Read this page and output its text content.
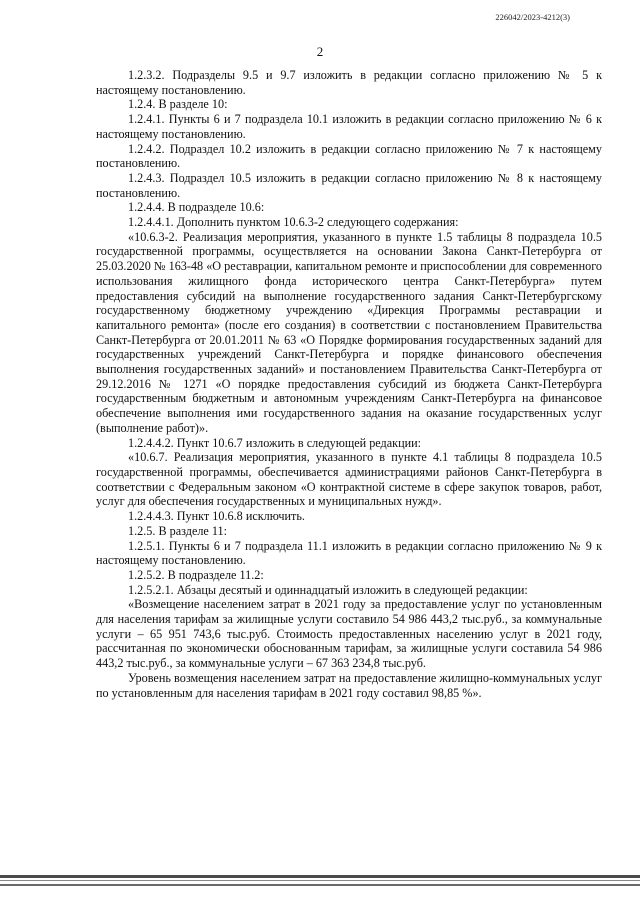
226042/2023-4212(3)
2

1.2.3.2. Подразделы 9.5 и 9.7 изложить в редакции согласно приложению № 5 к настоящему постановлению.

1.2.4. В разделе 10:

1.2.4.1. Пункты 6 и 7 подраздела 10.1 изложить в редакции согласно приложению № 6 к настоящему постановлению.

1.2.4.2. Подраздел 10.2 изложить в редакции согласно приложению № 7 к настоящему постановлению.

1.2.4.3. Подраздел 10.5 изложить в редакции согласно приложению № 8 к настоящему постановлению.

1.2.4.4. В подразделе 10.6:

1.2.4.4.1. Дополнить пунктом 10.6.3-2 следующего содержания:

«10.6.3-2. Реализация мероприятия, указанного в пункте 1.5 таблицы 8 подраздела 10.5 государственной программы, осуществляется на основании Закона Санкт-Петербурга от 25.03.2020 № 163-48 «О реставрации, капитальном ремонте и приспособлении для современного использования жилищного фонда исторического центра Санкт-Петербурга» путем предоставления субсидий на выполнение государственного задания Санкт-Петербургскому государственному бюджетному учреждению «Дирекция Программы реставрации и капитального ремонта» (после его создания) в соответствии с постановлением Правительства Санкт-Петербурга от 20.01.2011 № 63 «О Порядке формирования государственных заданий для государственных учреждений Санкт-Петербурга и порядке финансового обеспечения выполнения государственных заданий» и постановлением Правительства Санкт-Петербурга от 29.12.2016 № 1271 «О порядке предоставления субсидий из бюджета Санкт-Петербурга государственным бюджетным и автономным учреждениям Санкт-Петербурга на финансовое обеспечение выполнения ими государственного задания на оказание государственных услуг (выполнение работ)».

1.2.4.4.2. Пункт 10.6.7 изложить в следующей редакции:

«10.6.7. Реализация мероприятия, указанного в пункте 4.1 таблицы 8 подраздела 10.5 государственной программы, обеспечивается администрациями районов Санкт-Петербурга в соответствии с Федеральным законом «О контрактной системе в сфере закупок товаров, работ, услуг для обеспечения государственных и муниципальных нужд».

1.2.4.4.3. Пункт 10.6.8 исключить.

1.2.5. В разделе 11:

1.2.5.1. Пункты 6 и 7 подраздела 11.1 изложить в редакции согласно приложению № 9 к настоящему постановлению.

1.2.5.2. В подразделе 11.2:

1.2.5.2.1. Абзацы десятый и одиннадцатый изложить в следующей редакции:

«Возмещение населением затрат в 2021 году за предоставление услуг по установленным для населения тарифам за жилищные услуги составило 54 986 443,2 тыс.руб., за коммунальные услуги – 65 951 743,6 тыс.руб. Стоимость предоставленных населению услуг в 2021 году, рассчитанная по экономически обоснованным тарифам, за жилищные услуги составила 54 986 443,2 тыс.руб., за коммунальные услуги – 67 363 234,8 тыс.руб.

Уровень возмещения населением затрат на предоставление жилищно-коммунальных услуг по установленным для населения тарифам в 2021 году составил 98,85 %».
